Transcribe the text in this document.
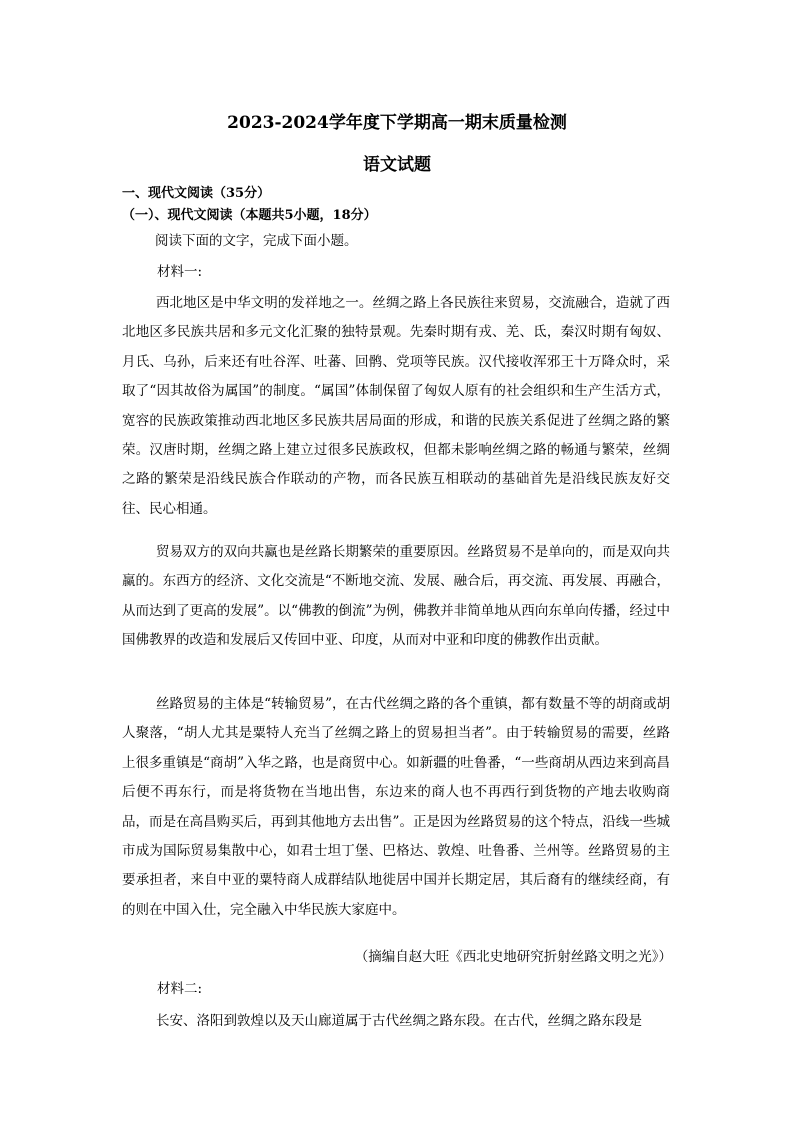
2023-2024学年度下学期高一期末质量检测
语文试题
一、现代文阅读（35分）
（一）、现代文阅读（本题共5小题，18分）
阅读下面的文字，完成下面小题。
材料一:

西北地区是中华文明的发祥地之一。丝绸之路上各民族往来贸易，交流融合，造就了西北地区多民族共居和多元文化汇聚的独特景观。先秦时期有戎、羌、氐，秦汉时期有匈奴、月氏、乌孙，后来还有吐谷浑、吐蕃、回鹘、党项等民族。汉代接收浑邪王十万降众时，采取了“因其故俗为属国”的制度。“属国”体制保留了匈奴人原有的社会组织和生产生活方式，宽容的民族政策推动西北地区多民族共居局面的形成，和谐的民族关系促进了丝绸之路的繁荣。汉唐时期，丝绸之路上建立过很多民族政权，但都未影响丝绸之路的畅通与繁荣，丝绸之路的繁荣是沿线民族合作联动的产物，而各民族互相联动的基础首先是沿线民族友好交往、民心相通。

贸易双方的双向共赢也是丝路长期繁荣的重要原因。丝路贸易不是单向的，而是双向共赢的。东西方的经济、文化交流是“不断地交流、发展、融合后，再交流、再发展、再融合，从而达到了更高的发展”。以“佛教的倒流”为例，佛教并非简单地从西向东单向传播，经过中国佛教界的改造和发展后又传回中亚、印度，从而对中亚和印度的佛教作出贡献。

丝路贸易的主体是“转输贸易”，在古代丝绸之路的各个重镇，都有数量不等的胡商或胡人聚落，“胡人尤其是粟特人充当了丝绸之路上的贸易担当者”。由于转输贸易的需要，丝路上很多重镇是“商胡”入华之路，也是商贸中心。如新疆的吐鲁番，“一些商胡从西边来到高昌后便不再东行，而是将货物在当地出售，东边来的商人也不再西行到货物的产地去收购商品，而是在高昌购买后，再到其他地方去出售”。正是因为丝路贸易的这个特点，沿线一些城市成为国际贸易集散中心，如君士坦丁堡、巴格达、敦煌、吐鲁番、兰州等。丝路贸易的主要承担者，来自中亚的粟特商人成群结队地徙居中国并长期定居，其后裔有的继续经商，有的则在中国入仕，完全融入中华民族大家庭中。

（摘编自赵大旺《西北史地研究折射丝路文明之光》）
材料二:

长安、洛阳到敦煌以及天山廊道属于古代丝绸之路东段。在古代，丝绸之路东段是
